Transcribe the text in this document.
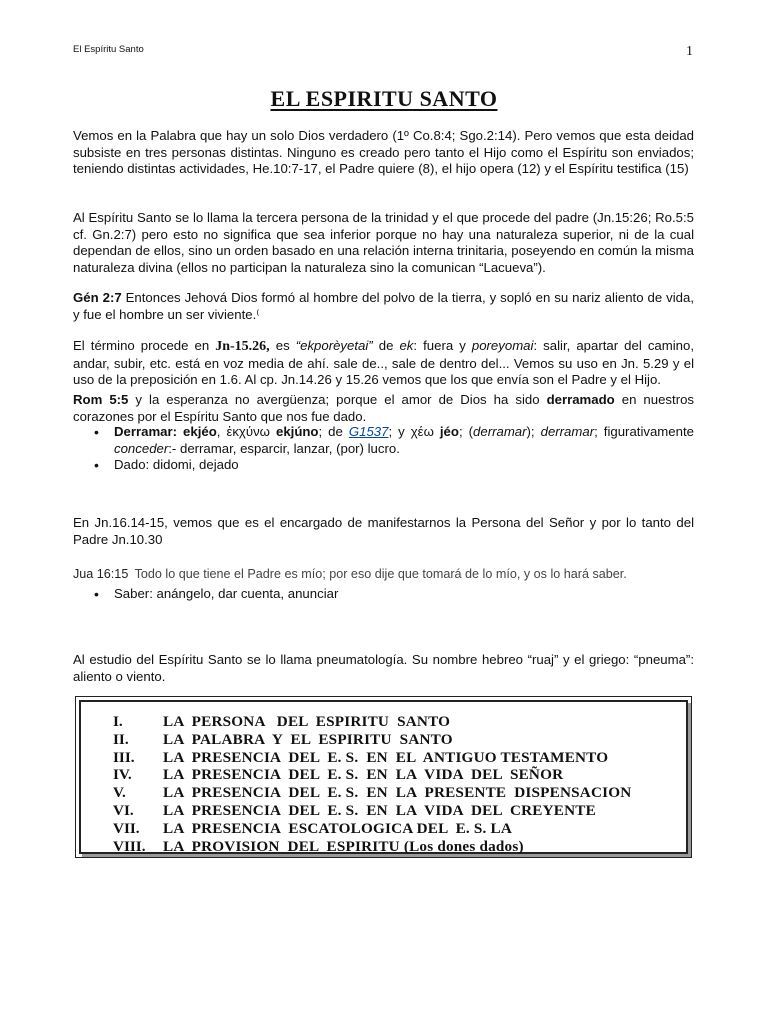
El Espíritu Santo	1
EL ESPIRITU SANTO

Vemos en la Palabra que hay un solo Dios verdadero (1º Co.8:4; Sgo.2:14). Pero vemos que esta deidad subsiste en tres personas distintas. Ninguno es creado pero tanto el Hijo como el Espíritu son enviados; teniendo distintas actividades, He.10:7-17, el Padre quiere (8), el hijo opera (12) y el Espíritu testifica (15)

Al Espíritu Santo se lo llama la tercera persona de la trinidad y el que procede del padre (Jn.15:26; Ro.5:5 cf. Gn.2:7) pero esto no significa que sea inferior porque no hay una naturaleza superior, ni de la cual dependan de ellos, sino un orden basado en una relación interna trinitaria, poseyendo en común la misma naturaleza divina (ellos no participan la naturaleza sino la comunican “Lacueva”).

Gén 2:7 Entonces Jehová Dios formó al hombre del polvo de la tierra, y sopló en su nariz aliento de vida, y fue el hombre un ser viviente.⁽

El término procede en Jn-15.26, es “ekporèyetai” de ek: fuera y poreyomai: salir, apartar del camino, andar, subir, etc. está en voz media de ahí. sale de.., sale de dentro del... Vemos su uso en Jn. 5.29 y el uso de la preposición en 1.6. Al cp. Jn.14.26 y 15.26 vemos que los que envía son el Padre y el Hijo.

Rom 5:5 y la esperanza no avergüenza; porque el amor de Dios ha sido derramado en nuestros corazones por el Espíritu Santo que nos fue dado.

• Derramar: ekjéo, ἐκχύνω ekjúno; de G1537; y χέω jéo; (derramar); derramar; figurativamente conceder:- derramar, esparcir, lanzar, (por) lucro.
• Dado: didomi, dejado

En Jn.16.14-15, vemos que es el encargado de manifestarnos la Persona del Señor y por lo tanto del Padre Jn.10.30

Jua 16:15 Todo lo que tiene el Padre es mío; por eso dije que tomará de lo mío, y os lo hará saber.
• Saber: anángelo, dar cuenta, anunciar

Al estudio del Espíritu Santo se lo llama pneumatología. Su nombre hebreo “ruaj” y el griego: “pneuma”: aliento o viento.

I.	LA  PERSONA   DEL  ESPIRITU  SANTO
II.	LA  PALABRA  Y  EL  ESPIRITU  SANTO
III.	LA  PRESENCIA  DEL  E. S.  EN  EL  ANTIGUO TESTAMENTO
IV.	LA  PRESENCIA  DEL  E. S.  EN  LA  VIDA  DEL  SEÑOR
V.	LA  PRESENCIA  DEL  E. S.  EN  LA  PRESENTE  DISPENSACION
VI.	LA  PRESENCIA  DEL  E. S.  EN  LA  VIDA  DEL  CREYENTE
VII.	LA  PRESENCIA  ESCATOLOGICA DEL  E. S. LA
VIII.	LA  PROVISION  DEL  ESPIRITU (Los dones dados)
